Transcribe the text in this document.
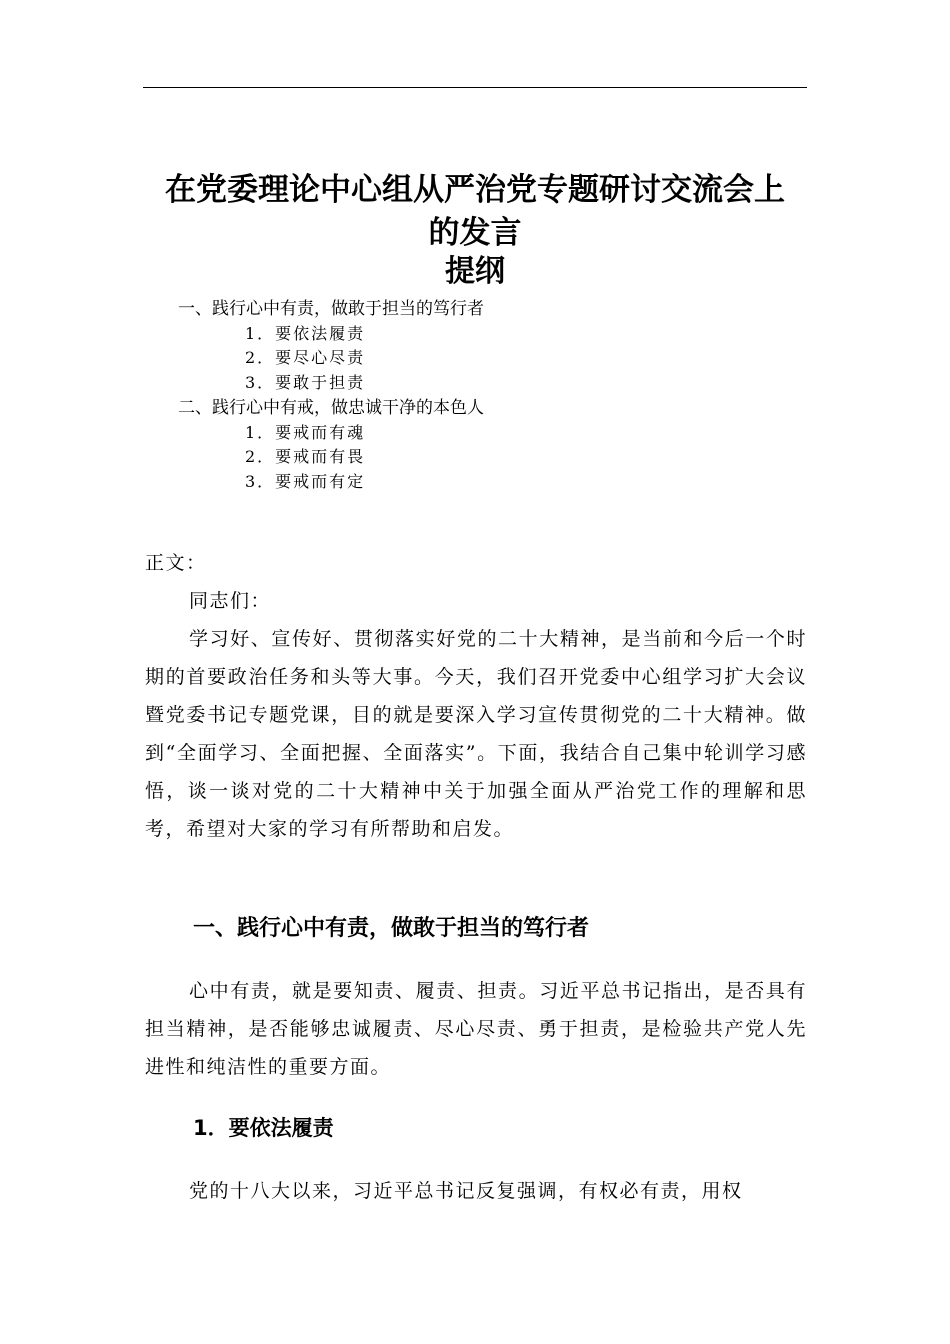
在党委理论中心组从严治党专题研讨交流会上
的发言
提纲
一、践行心中有责，做敢于担当的笃行者
1．要依法履责
2．要尽心尽责
3．要敢于担责
二、践行心中有戒，做忠诚干净的本色人
1．要戒而有魂
2．要戒而有畏
3．要戒而有定

正文：

同志们：

学习好、宣传好、贯彻落实好党的二十大精神，是当前和今后一个时期的首要政治任务和头等大事。今天，我们召开党委中心组学习扩大会议暨党委书记专题党课，目的就是要深入学习宣传贯彻党的二十大精神。做到“全面学习、全面把握、全面落实”。下面，我结合自己集中轮训学习感悟，谈一谈对党的二十大精神中关于加强全面从严治党工作的理解和思考，希望对大家的学习有所帮助和启发。

一、践行心中有责，做敢于担当的笃行者

心中有责，就是要知责、履责、担责。习近平总书记指出，是否具有担当精神，是否能够忠诚履责、尽心尽责、勇于担责，是检验共产党人先进性和纯洁性的重要方面。

1．要依法履责

党的十八大以来，习近平总书记反复强调，有权必有责，用权
